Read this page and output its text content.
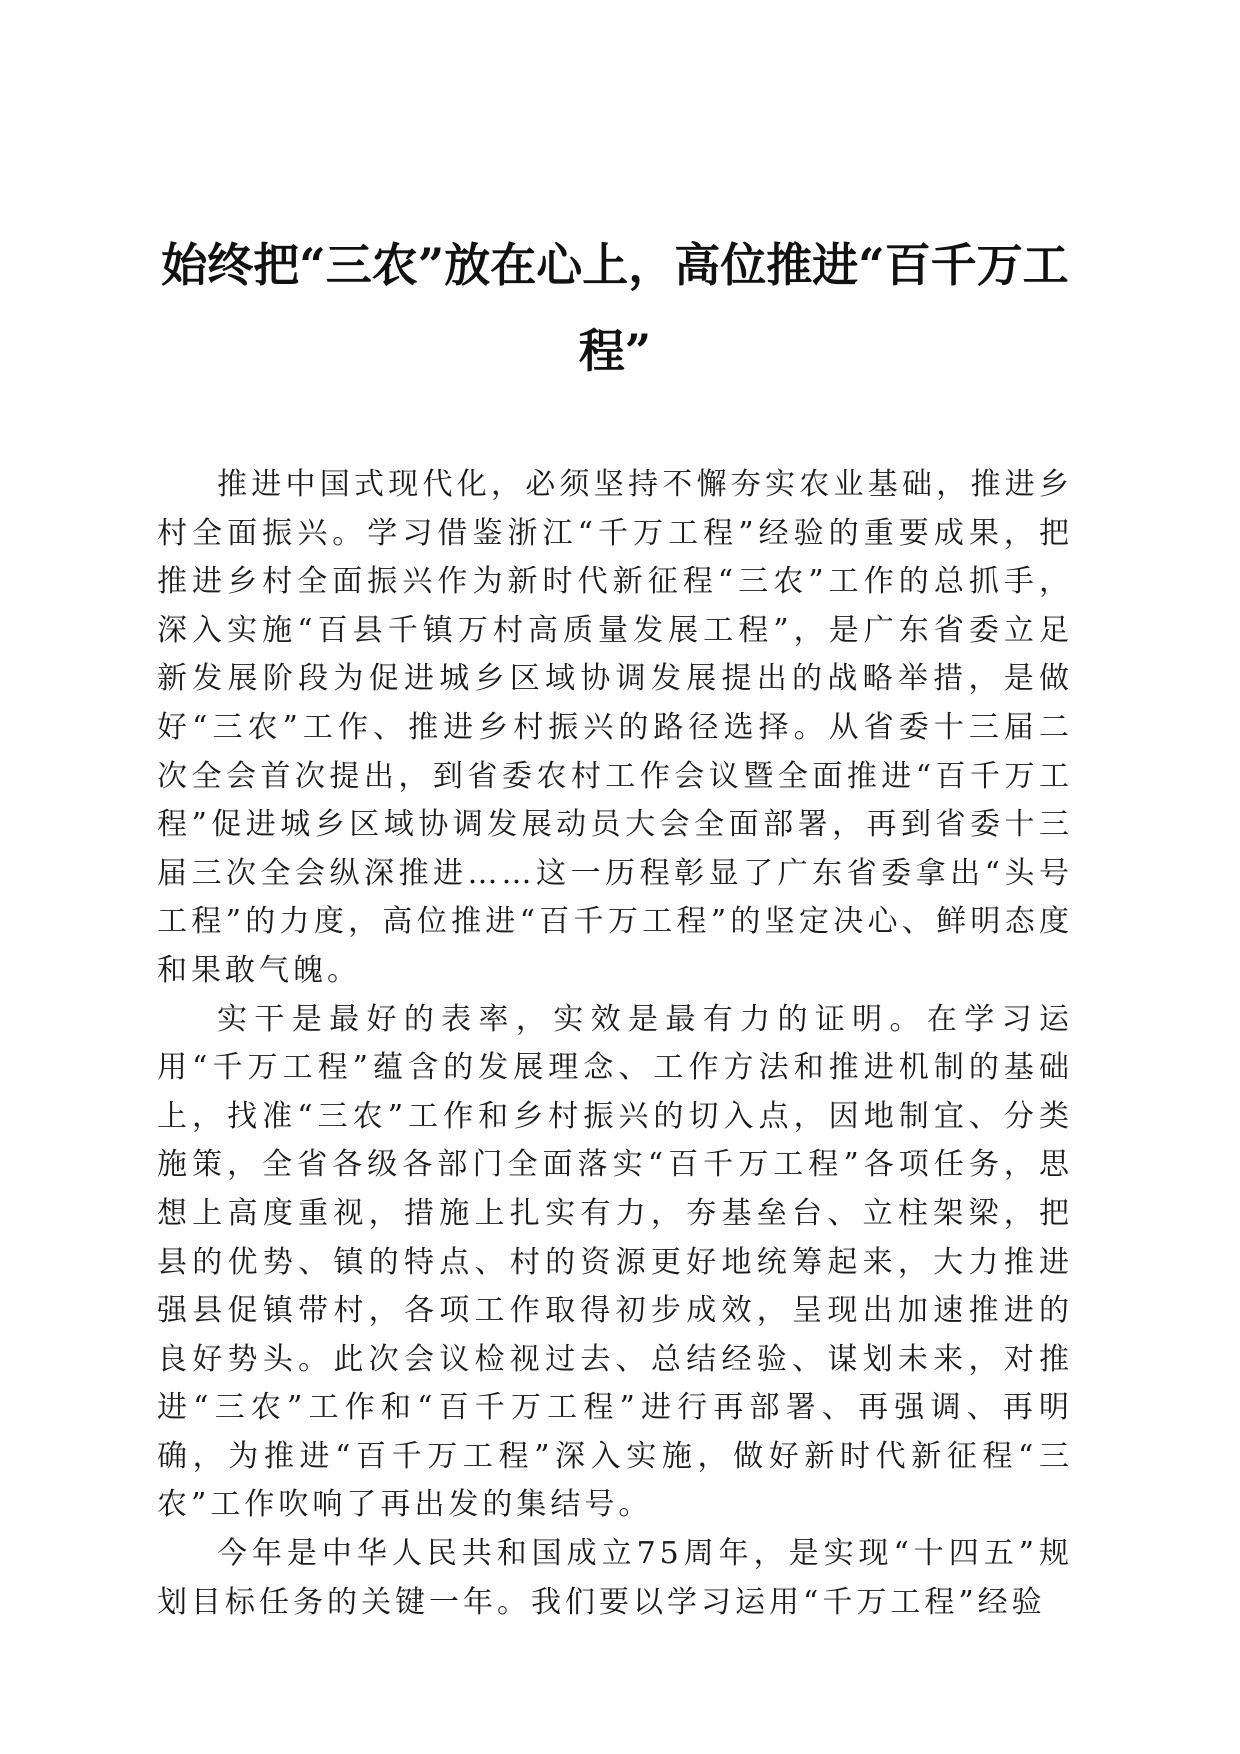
始终把“三农”放在心上，高位推进“百千万工程”

推进中国式现代化，必须坚持不懈夯实农业基础，推进乡村全面振兴。学习借鉴浙江“千万工程”经验的重要成果，把推进乡村全面振兴作为新时代新征程“三农”工作的总抓手，深入实施“百县千镇万村高质量发展工程”，是广东省委立足新发展阶段为促进城乡区域协调发展提出的战略举措，是做好“三农”工作、推进乡村振兴的路径选择。从省委十三届二次全会首次提出，到省委农村工作会议暨全面推进“百千万工程”促进城乡区域协调发展动员大会全面部署，再到省委十三届三次全会纵深推进……这一历程彰显了广东省委拿出“头号工程”的力度，高位推进“百千万工程”的坚定决心、鲜明态度和果敢气魄。

实干是最好的表率，实效是最有力的证明。在学习运用“千万工程”蕴含的发展理念、工作方法和推进机制的基础上，找准“三农”工作和乡村振兴的切入点，因地制宜、分类施策，全省各级各部门全面落实“百千万工程”各项任务，思想上高度重视，措施上扎实有力，夯基垒台、立柱架梁，把县的优势、镇的特点、村的资源更好地统筹起来，大力推进强县促镇带村，各项工作取得初步成效，呈现出加速推进的良好势头。此次会议检视过去、总结经验、谋划未来，对推进“三农”工作和“百千万工程”进行再部署、再强调、再明确，为推进“百千万工程”深入实施，做好新时代新征程“三农”工作吹响了再出发的集结号。

今年是中华人民共和国成立75周年，是实现“十四五”规划目标任务的关键一年。我们要以学习运用“千万工程”经验
